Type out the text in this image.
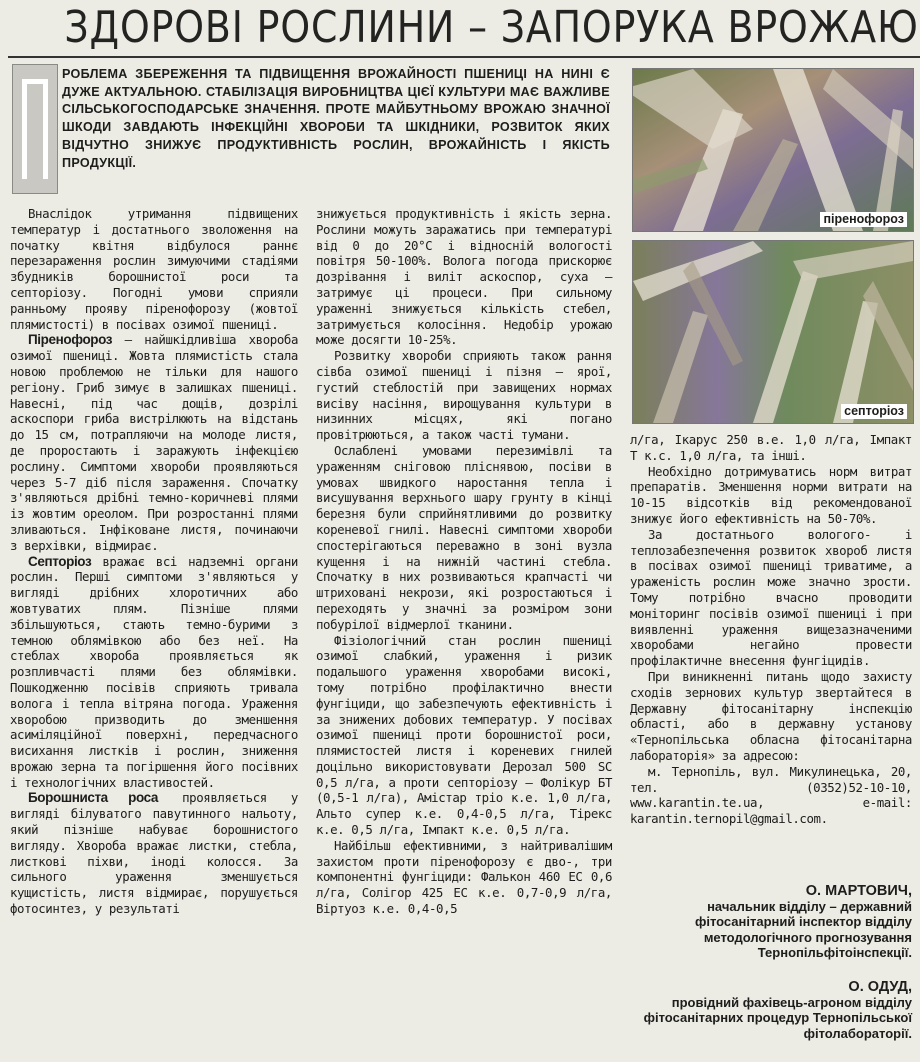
ЗДОРОВІ РОСЛИНИ – ЗАПОРУКА ВРОЖАЮ
РОБЛЕМА ЗБЕРЕЖЕННЯ ТА ПІДВИЩЕННЯ ВРОЖАЙНОСТІ ПШЕНИЦІ НА НИНІ Є ДУЖЕ АКТУАЛЬНОЮ. СТАБІЛІЗАЦІЯ ВИРОБНИЦТВА ЦІЄЇ КУЛЬТУРИ МАЄ ВАЖЛИВЕ СІЛЬСЬКОГОСПОДАРСЬКЕ ЗНАЧЕННЯ. ПРОТЕ МАЙБУТНЬОМУ ВРОЖАЮ ЗНАЧНОЇ ШКОДИ ЗАВДАЮТЬ ІНФЕКЦІЙНІ ХВОРОБИ ТА ШКІДНИКИ, РОЗВИТОК ЯКИХ ВІДЧУТНО ЗНИЖУЄ ПРОДУКТИВНІСТЬ РОСЛИН, ВРОЖАЙНІСТЬ І ЯКІСТЬ ПРОДУКЦІЇ.

Внаслідок утримання підвищених температур і достатнього зволоження на початку квітня відбулося раннє перезараження рослин зимуючими стадіями збудників борошнистої роси та септоріозу. Погодні умови сприяли ранньому прояву піренофорозу (жовтої плямистості) в посівах озимої пшениці.

Піренофороз – найшкідливіша хвороба озимої пшениці. Жовта плямистість стала новою проблемою не тільки для нашого регіону. Гриб зимує в залишках пшениці. Навесні, під час дощів, дозрілі аскоспори гриба вистрілюють на відстань до 15 см, потрапляючи на молоде листя, де проростають і заражують інфекцією рослину. Симптоми хвороби проявляються через 5-7 діб після зараження. Спочатку з'являються дрібні темно-коричневі плями із жовтим ореолом. При розростанні плями зливаються. Інфіковане листя, починаючи з верхівки, відмирає.

Септоріоз вражає всі надземні органи рослин. Перші симптоми з'являються у вигляді дрібних хлоротичних або жовтуватих плям. Пізніше плями збільшуються, стають темно-бурими з темною облямівкою або без неї. На стеблах хвороба проявляється як розпливчасті плями без облямівки. Пошкодженню посівів сприяють тривала волога і тепла вітряна погода. Ураження хворобою призводить до зменшення асиміляційної поверхні, передчасного висихання листків і рослин, зниження врожаю зерна та погіршення його посівних і технологічних властивостей.

Борошниста роса проявляється у вигляді білуватого павутинного нальоту, який пізніше набуває борошнистого вигляду. Хвороба вражає листки, стебла, листкові піхви, іноді колосся. За сильного ураження зменшується кущистість, листя відмирає, порушується фотосинтез, у результаті

знижується продуктивність і якість зерна. Рослини можуть заражатись при температурі від 0 до 20°С і відносній вологості повітря 50-100%. Волога погода прискорює дозрівання і виліт аскоспор, суха – затримує ці процеси. При сильному ураженні знижується кількість стебел, затримується колосіння. Недобір урожаю може досягти 10-25%.

Розвитку хвороби сприяють також рання сівба озимої пшениці і пізня – ярої, густий стеблостій при завищених нормах висіву насіння, вирощування культури в низинних місцях, які погано провітрюються, а також часті тумани.

Ослаблені умовами перезимівлі та ураженням сніговою пліснявою, посіви в умовах швидкого наростання тепла і висушування верхнього шару грунту в кінці березня були сприйнятливими до розвитку кореневої гнилі. Навесні симптоми хвороби спостерігаються переважно в зоні вузла кущення і на нижній частині стебла. Спочатку в них розвиваються крапчасті чи штриховані некрози, які розростаються і переходять у значні за розміром зони побурілої відмерлої тканини.

Фізіологічний стан рослин пшениці озимої слабкий, ураження і ризик подальшого ураження хворобами високі, тому потрібно профілактично внести фунгіциди, що забезпечують ефективність і за знижених добових температур. У посівах озимої пшениці проти борошнистої роси, плямистостей листя і кореневих гнилей доцільно використовувати Дерозал 500 SC 0,5 л/га, а проти септоріозу – Фолікур БТ (0,5-1 л/га), Амістар тріо к.е. 1,0 л/га, Альто супер к.е. 0,4-0,5 л/га, Тірекс к.е. 0,5 л/га, Імпакт к.е. 0,5 л/га.

Найбільш ефективними, з найтривалішим захистом проти піренофорозу є дво-, три компонентні фунгіциди: Фалькон 460 ЕС 0,6 л/га, Солігор 425 ЕС к.е. 0,7-0,9 л/га, Віртуоз к.е. 0,4-0,5

піренофороз
септоріоз

л/га, Ікарус 250 в.е. 1,0 л/га, Імпакт Т к.с. 1,0 л/га, та інші.

Необхідно дотримуватись норм витрат препаратів. Зменшення норми витрати на 10-15 відсотків від рекомендованої знижує його ефективність на 50-70%.

За достатнього вологого- і теплозабезпечення розвиток хвороб листя в посівах озимої пшениці триватиме, а ураженість рослин може значно зрости. Тому потрібно вчасно проводити моніторинг посівів озимої пшениці і при виявленні ураження вищезазначеними хворобами негайно провести профілактичне внесення фунгіцидів.

При виникненні питань щодо захисту сходів зернових культур звертайтеся в Державну фітосанітарну інспекцію області, або в державну установу «Тернопільська обласна фітосанітарна лабораторія» за адресою:

м. Тернопіль, вул. Микулинецька, 20, тел. (0352)52-10-10, www.karantin.te.ua, e-mail: karantin.ternopil@gmail.com.

О. МАРТОВИЧ,
начальник відділу – державний фітосанітарний інспектор відділу методологічного прогнозування Тернопільфітоінспекції.
О. ОДУД,
провідний фахівець-агроном відділу фітосанітарних процедур Тернопільської фітолабораторії.
